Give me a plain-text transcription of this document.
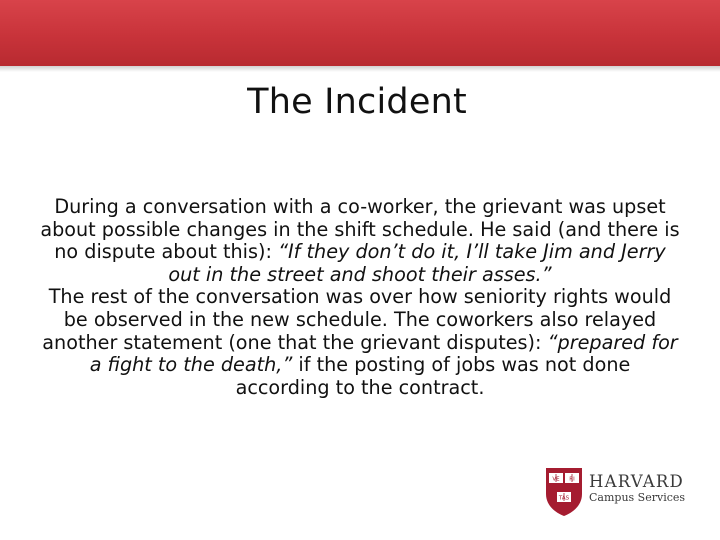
The Incident

During a conversation with a co-worker, the grievant was upset about possible changes in the shift schedule. He said (and there is no dispute about this): “If they don’t do it, I’ll take Jim and Jerry out in the street and shoot their asses.”

The rest of the conversation was over how seniority rights would be observed in the new schedule. The coworkers also relayed another statement (one that the grievant disputes): “prepared for a fight to the death,” if the posting of jobs was not done according to the contract.

VE RI
TAS
HARVARD
Campus Services
